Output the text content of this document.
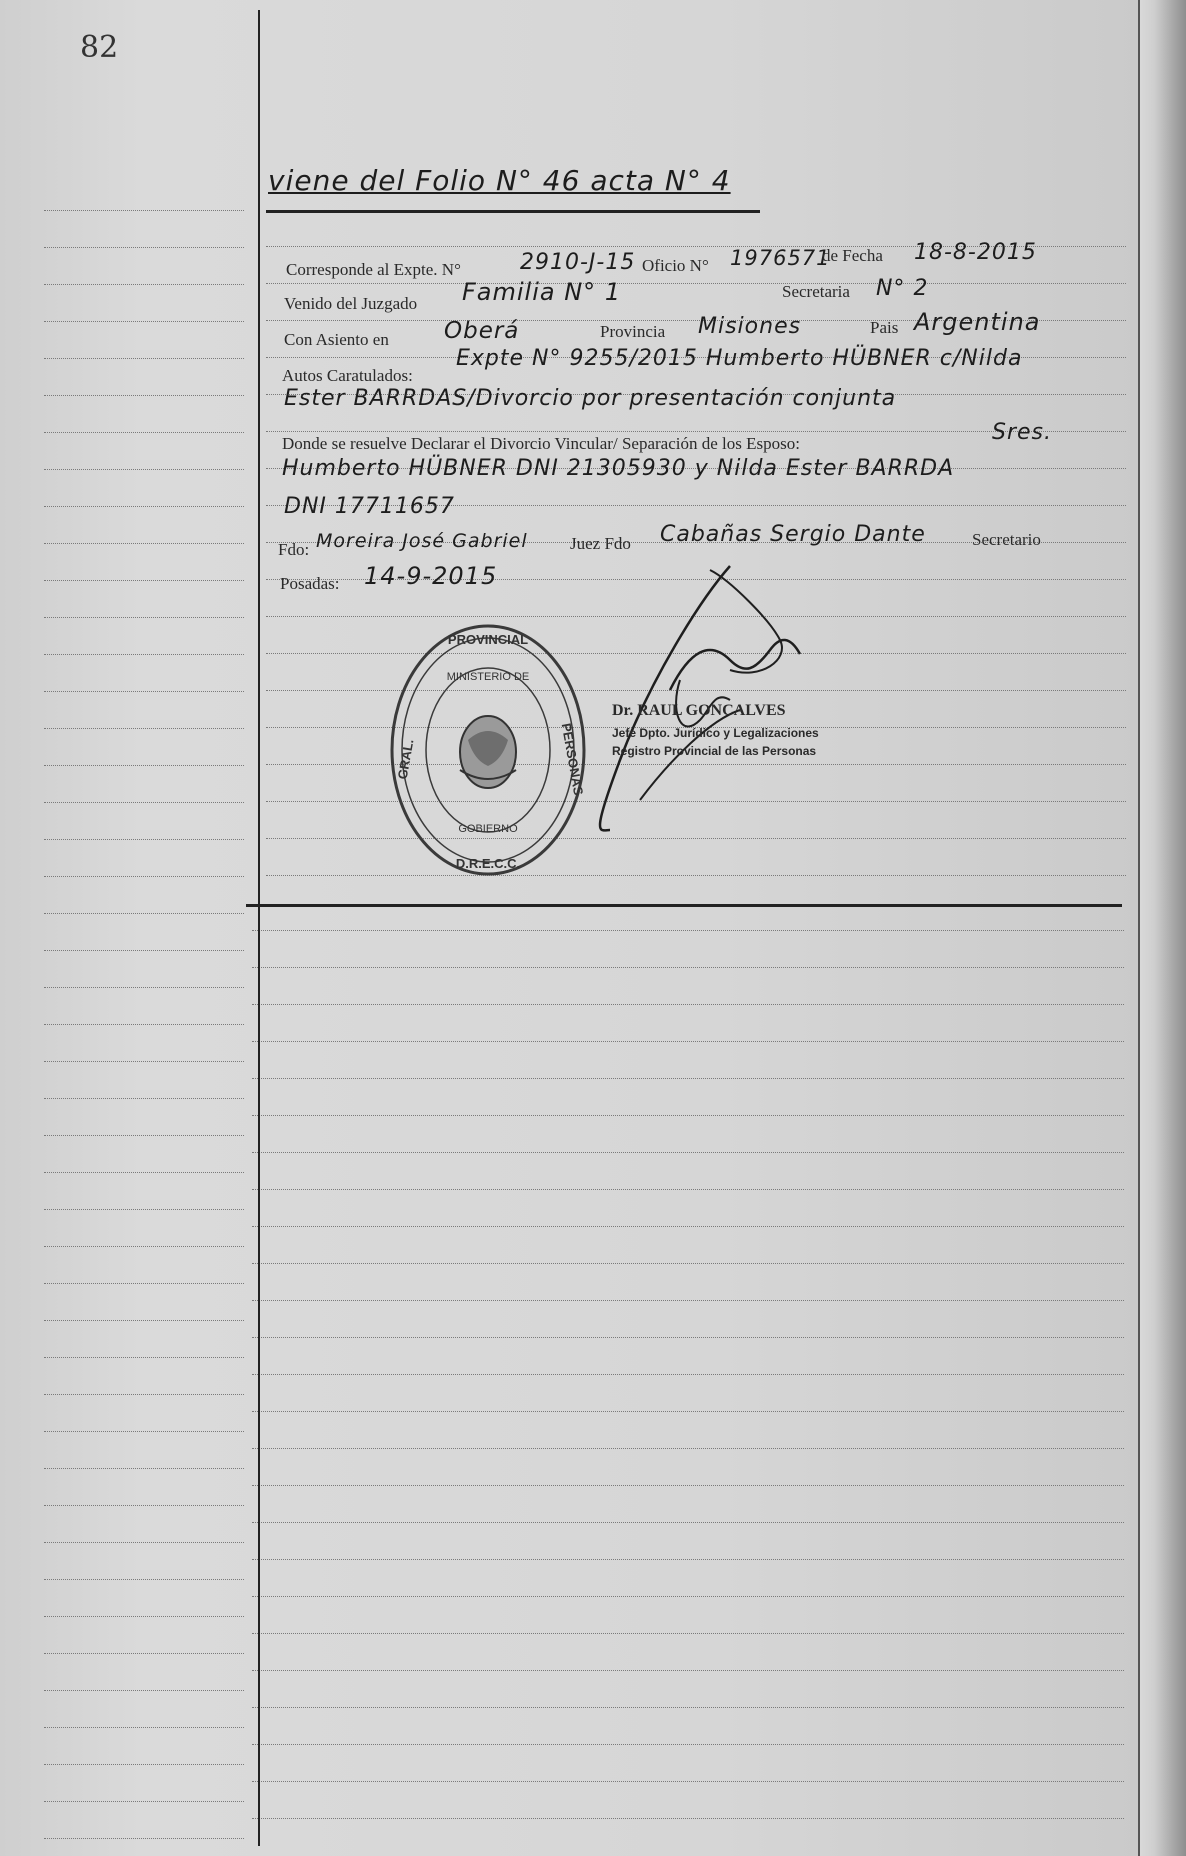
82
viene del Folio N° 46 acta N° 4
Corresponde al Expte. N°	2910-J-15 Oficio N° 1976571
de Fecha 18-8-2015
Venido del Juzgado Familia N° 1	Secretaria N° 2
Con Asiento en Oberá	Provincia Misiones	Pais Argentina
Autos Caratulados:
Expte N° 9255/2015 Humberto HÜBNER c/Nilda
Ester BARRDAS/Divorcio por presentación conjunta
Donde se resuelve Declarar el Divorcio Vincular/ Separación de los Esposo:	Sres.
Humberto HÜBNER DNI 21305930 y Nilda Ester BARRDA
DNI 17711657
Fdo: Moreira José Gabriel Juez Fdo Cabañas Sergio Dante	Secretario
Posadas: 14-9-2015
PROVINCIAL
GRAL.	PERSONAS
D.R.E.C.C.
MINISTERIO DE
GOBIERNO
Dr. RAUL GONCALVES
Jefe Dpto. Jurídico y Legalizaciones
Registro Provincial de las Personas
